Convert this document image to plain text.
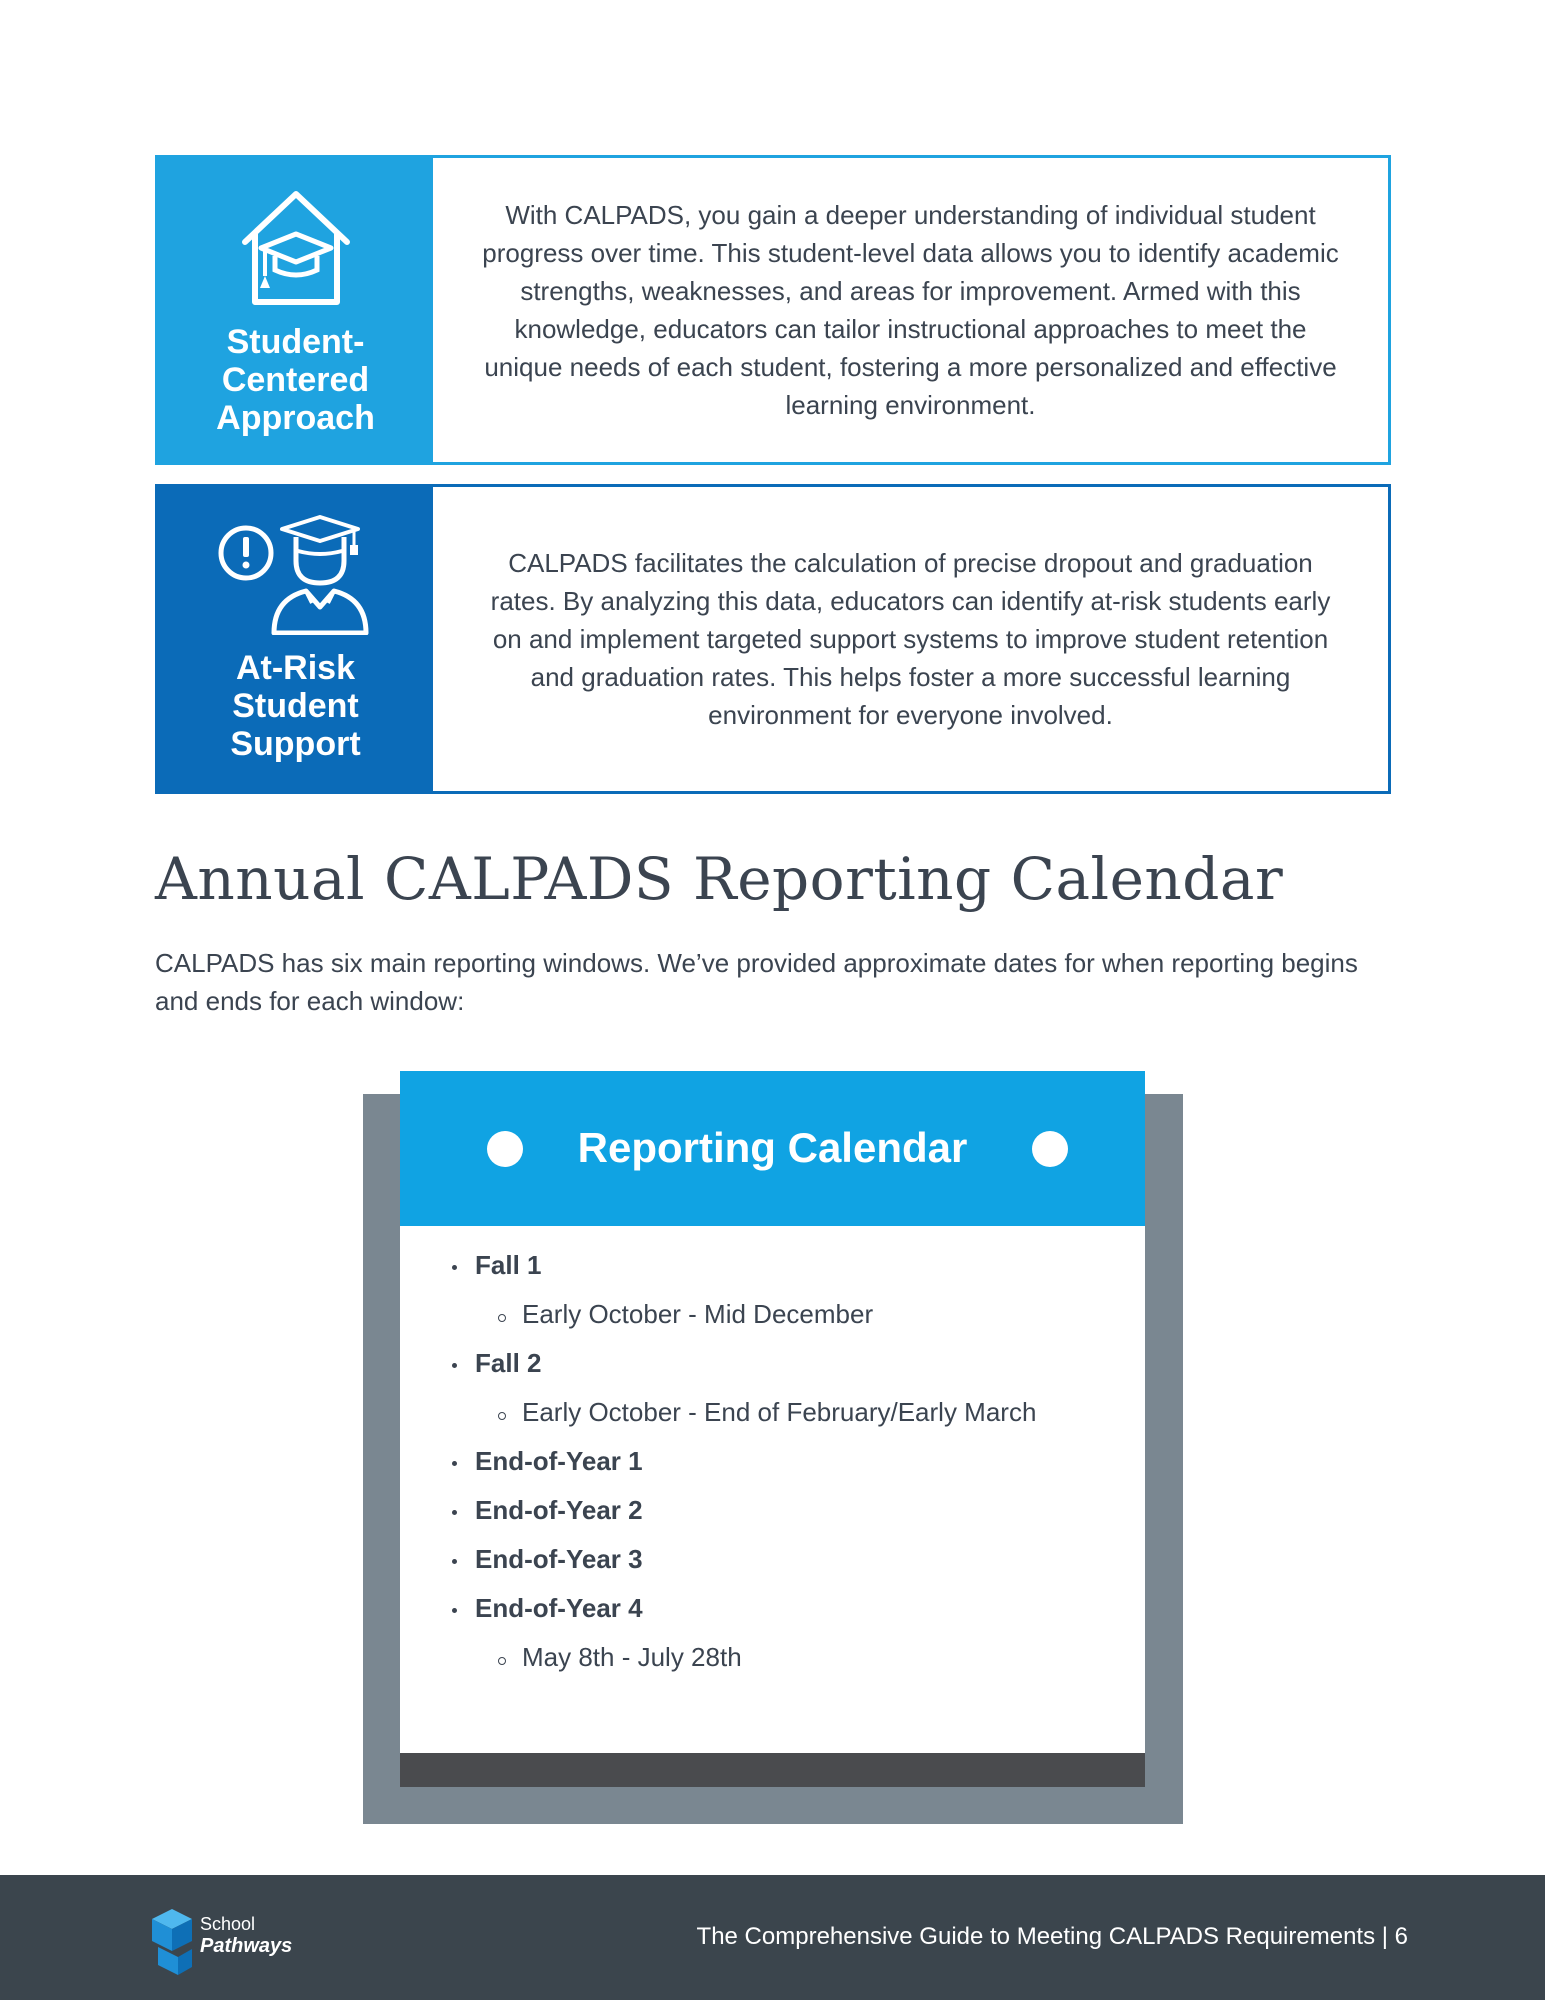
Student-Centered Approach

With CALPADS, you gain a deeper understanding of individual student progress over time. This student-level data allows you to identify academic strengths, weaknesses, and areas for improvement. Armed with this knowledge, educators can tailor instructional approaches to meet the unique needs of each student, fostering a more personalized and effective learning environment.

At-Risk Student Support

CALPADS facilitates the calculation of precise dropout and graduation rates. By analyzing this data, educators can identify at-risk students early on and implement targeted support systems to improve student retention and graduation rates. This helps foster a more successful learning environment for everyone involved.

Annual CALPADS Reporting Calendar

CALPADS has six main reporting windows. We’ve provided approximate dates for when reporting begins and ends for each window:

Reporting Calendar
Fall 1
Early October - Mid December
Fall 2
Early October - End of February/Early March
End-of-Year 1
End-of-Year 2
End-of-Year 3
End-of-Year 4
May 8th - July 28th
School
Pathways	The Comprehensive Guide to Meeting CALPADS Requirements | 6
